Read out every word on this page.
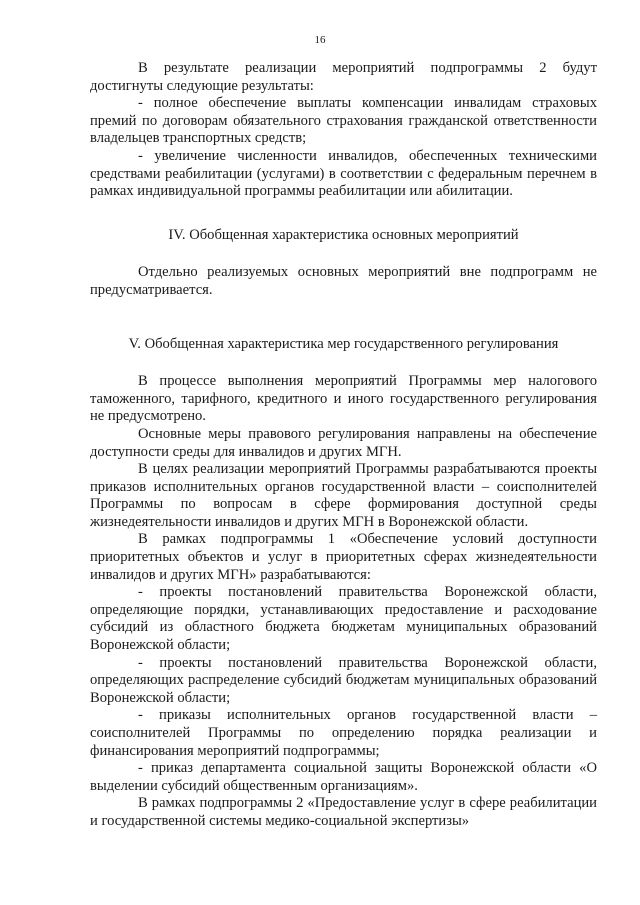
16

В результате реализации мероприятий подпрограммы 2 будут достигнуты следующие результаты:

- полное обеспечение выплаты компенсации инвалидам страховых премий по договорам обязательного страхования гражданской ответственности владельцев транспортных средств;

- увеличение численности инвалидов, обеспеченных техническими средствами реабилитации (услугами) в соответствии с федеральным перечнем в рамках индивидуальной программы реабилитации или абилитации.

IV. Обобщенная характеристика основных мероприятий

Отдельно реализуемых основных мероприятий вне подпрограмм не предусматривается.

V. Обобщенная характеристика мер государственного регулирования

В процессе выполнения мероприятий Программы мер налогового таможенного, тарифного, кредитного и иного государственного регулирования не предусмотрено.

Основные меры правового регулирования направлены на обеспечение доступности среды для инвалидов и других МГН.

В целях реализации мероприятий Программы разрабатываются проекты приказов исполнительных органов государственной власти – соисполнителей Программы по вопросам в сфере формирования доступной среды жизнедеятельности инвалидов и других МГН в Воронежской области.

В рамках подпрограммы 1 «Обеспечение условий доступности приоритетных объектов и услуг в приоритетных сферах жизнедеятельности инвалидов и других МГН» разрабатываются:

- проекты постановлений правительства Воронежской области, определяющие порядки, устанавливающих предоставление и расходование субсидий из областного бюджета бюджетам муниципальных образований Воронежской области;

- проекты постановлений правительства Воронежской области, определяющих распределение субсидий бюджетам муниципальных образований Воронежской области;

- приказы исполнительных органов государственной власти – соисполнителей Программы по определению порядка реализации и финансирования мероприятий подпрограммы;

- приказ департамента социальной защиты Воронежской области «О выделении субсидий общественным организациям».

В рамках подпрограммы 2 «Предоставление услуг в сфере реабилитации и государственной системы медико-социальной экспертизы»
